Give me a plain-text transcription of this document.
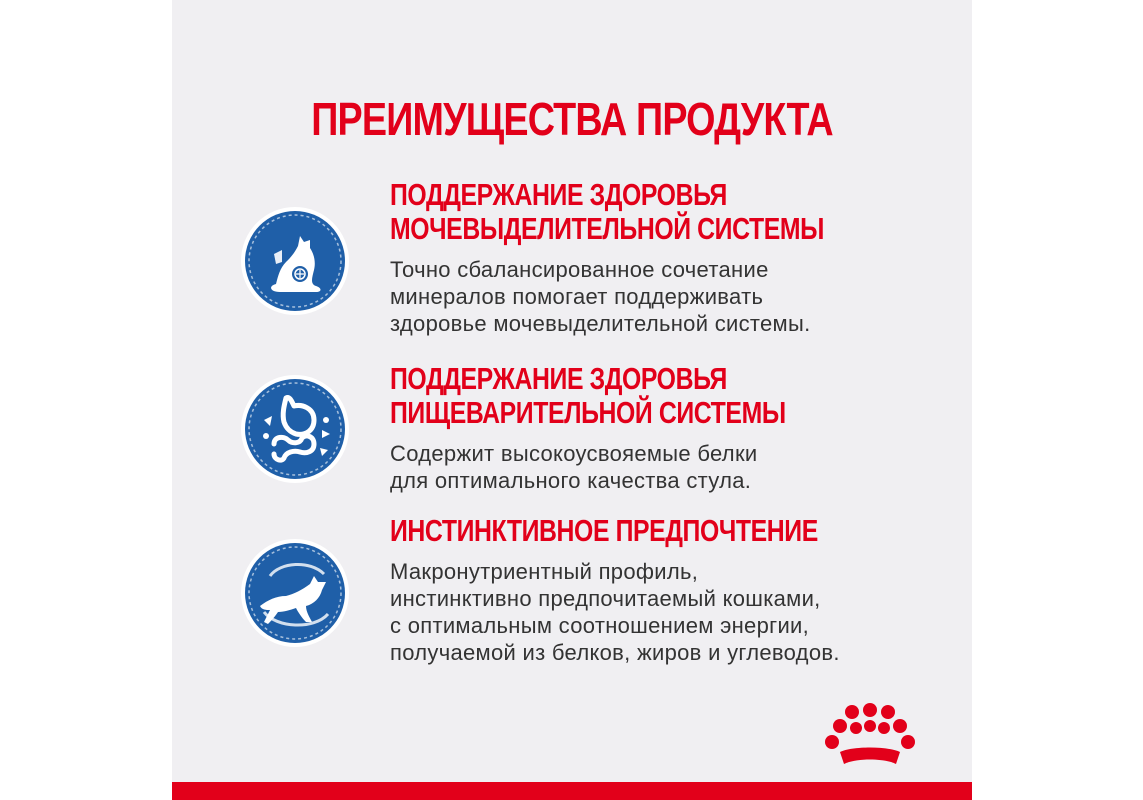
ПРЕИМУЩЕСТВА ПРОДУКТА
ПОДДЕРЖАНИЕ ЗДОРОВЬЯ
МОЧЕВЫДЕЛИТЕЛЬНОЙ СИСТЕМЫ
Точно сбалансированное сочетание
минералов помогает поддерживать
здоровье мочевыделительной системы.
ПОДДЕРЖАНИЕ ЗДОРОВЬЯ
ПИЩЕВАРИТЕЛЬНОЙ СИСТЕМЫ
Содержит высокоусвояемые белки
для оптимального качества стула.
ИНСТИНКТИВНОЕ ПРЕДПОЧТЕНИЕ
Макронутриентный профиль,
инстинктивно предпочитаемый кошками,
с оптимальным соотношением энергии,
получаемой из белков, жиров и углеводов.
